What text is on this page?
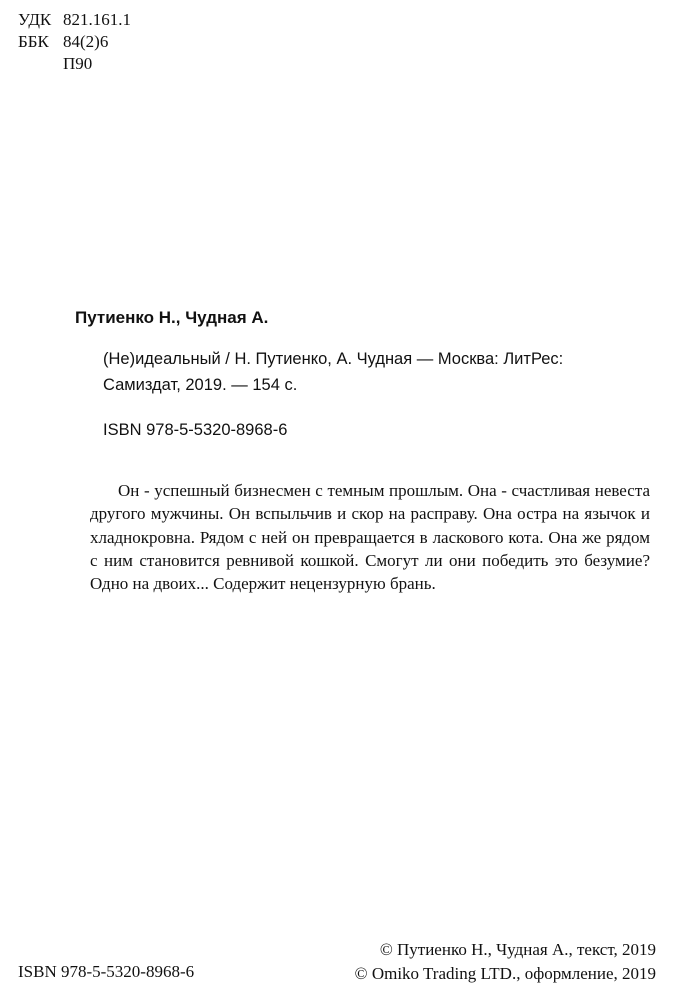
УДК 821.161.1
ББК 84(2)6
П90
Путиенко Н., Чудная А.
(Не)идеальный / Н. Путиенко, А. Чудная — Москва: ЛитРес:
Самиздат, 2019. — 154 с.
ISBN 978-5-5320-8968-6
Он - успешный бизнесмен с темным прошлым. Она - счастливая невеста другого мужчины. Он вспыльчив и скор на расправу. Она остра на язычок и хладнокровна. Рядом с ней он превращается в ласкового кота. Она же рядом с ним становится ревнивой кошкой. Смогут ли они победить это безумие? Одно на двоих... Содержит нецензурную брань.
ISBN 978-5-5320-8968-6
© Путиенко Н., Чудная А., текст, 2019
© Omiko Trading LTD., оформление, 2019
